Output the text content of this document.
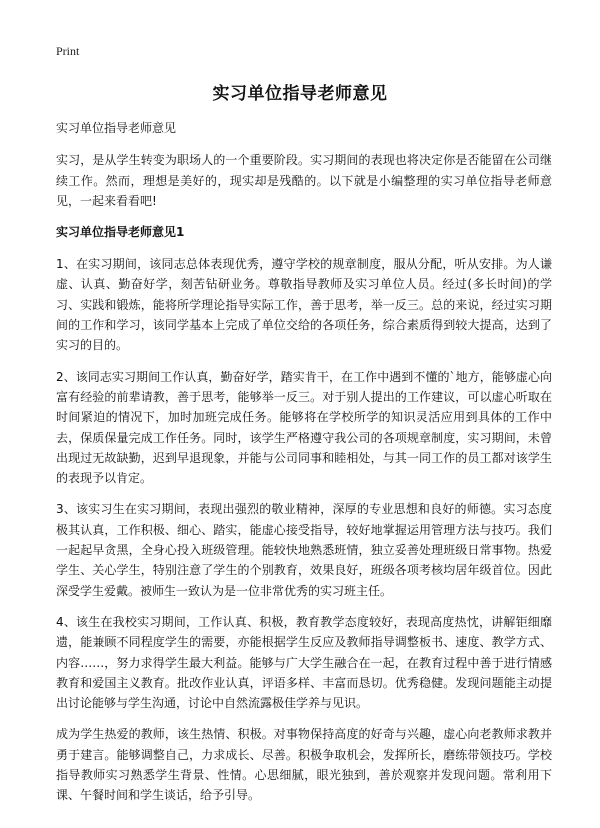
Print
实习单位指导老师意见

实习单位指导老师意见

实习，是从学生转变为职场人的一个重要阶段。实习期间的表现也将决定你是否能留在公司继续工作。然而，理想是美好的，现实却是残酷的。以下就是小编整理的实习单位指导老师意见，一起来看看吧!

实习单位指导老师意见1

1、在实习期间，该同志总体表现优秀，遵守学校的规章制度，服从分配，听从安排。为人谦虚、认真、勤奋好学，刻苦钻研业务。尊敬指导教师及实习单位人员。经过(多长时间)的学习、实践和锻炼，能将所学理论指导实际工作，善于思考，举一反三。总的来说，经过实习期间的工作和学习，该同学基本上完成了单位交给的各项任务，综合素质得到较大提高，达到了实习的目的。

2、该同志实习期间工作认真，勤奋好学，踏实肯干，在工作中遇到不懂的`地方，能够虚心向富有经验的前辈请教，善于思考，能够举一反三。对于别人提出的工作建议，可以虚心听取在时间紧迫的情况下，加时加班完成任务。能够将在学校所学的知识灵活应用到具体的工作中去，保质保量完成工作任务。同时，该学生严格遵守我公司的各项规章制度，实习期间，未曾出现过无故缺勤，迟到早退现象，并能与公司同事和睦相处，与其一同工作的员工都对该学生的表现予以肯定。

3、该实习生在实习期间，表现出强烈的敬业精神，深厚的专业思想和良好的师德。实习态度极其认真，工作积极、细心、踏实，能虚心接受指导，较好地掌握运用管理方法与技巧。我们一起起早贪黑，全身心投入班级管理。能较快地熟悉班情，独立妥善处理班级日常事物。热爱学生、关心学生，特别注意了学生的个别教育，效果良好，班级各项考核均居年级首位。因此深受学生爱戴。被师生一致认为是一位非常优秀的实习班主任。

4、该生在我校实习期间，工作认真、积极，教育教学态度较好，表现高度热忱，讲解钜细靡遗，能兼顾不同程度学生的需要，亦能根据学生反应及教师指导调整板书、速度、教学方式、内容……，努力求得学生最大利益。能够与广大学生融合在一起，在教育过程中善于进行情感教育和爱国主义教育。批改作业认真，评语多样、丰富而恳切。优秀稳健。发现问题能主动提出讨论能够与学生沟通，讨论中自然流露极佳学养与见识。

成为学生热爱的教师，该生热情、积极。对事物保持高度的好奇与兴趣，虚心向老教师求教并勇于建言。能够调整自己，力求成长、尽善。积极争取机会，发挥所长，磨练带领技巧。学校指导教师实习熟悉学生背景、性情。心思细腻，眼光独到，善於观察并发现问题。常利用下课、午餐时间和学生谈话，给予引导。
